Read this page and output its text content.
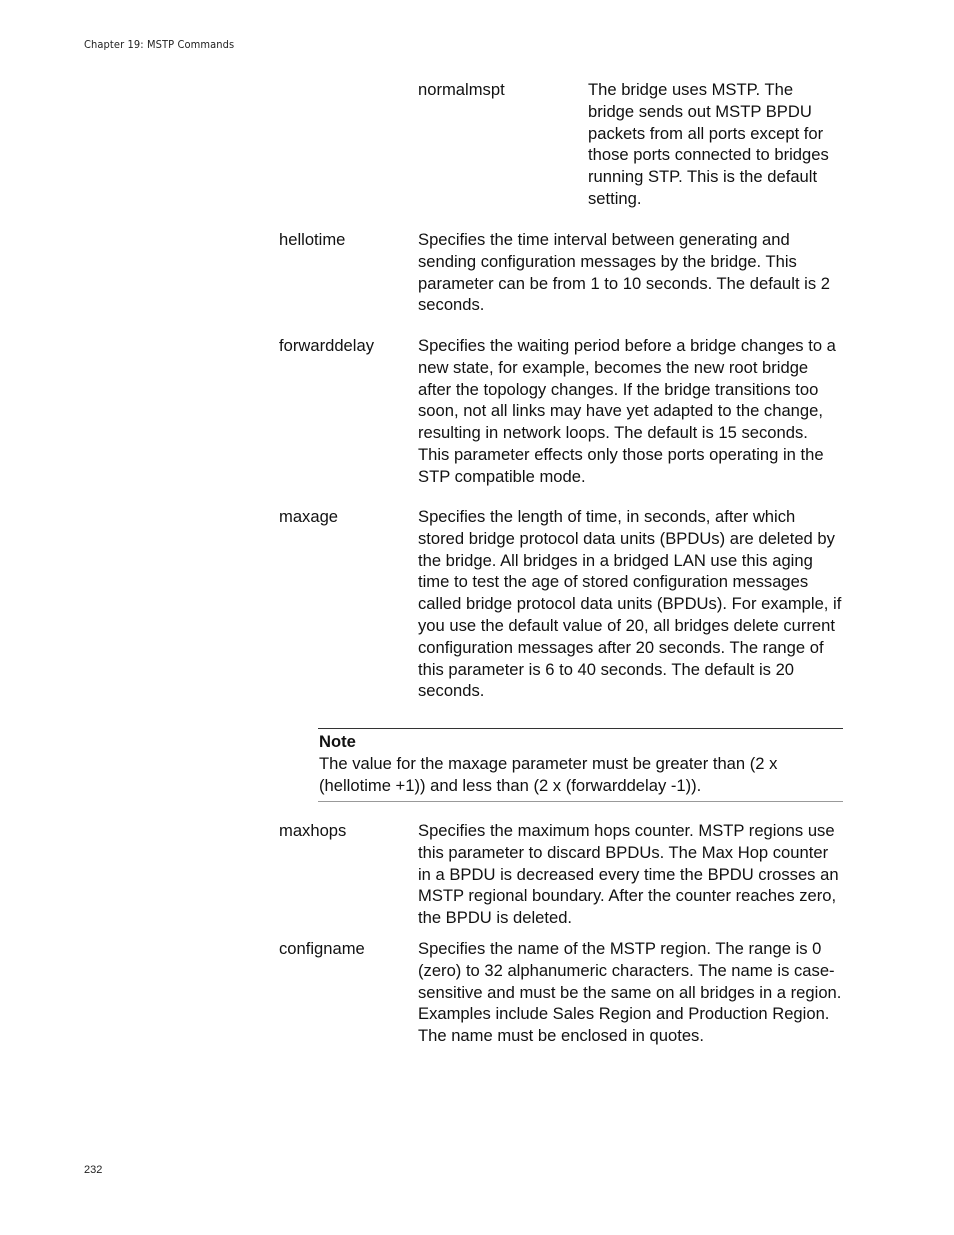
Chapter 19: MSTP Commands
normalmspt	The bridge uses MSTP. The bridge sends out MSTP BPDU packets from all ports except for those ports connected to bridges running STP. This is the default setting.
hellotime	Specifies the time interval between generating and sending configuration messages by the bridge. This parameter can be from 1 to 10 seconds. The default is 2 seconds.
forwarddelay	Specifies the waiting period before a bridge changes to a new state, for example, becomes the new root bridge after the topology changes. If the bridge transitions too soon, not all links may have yet adapted to the change, resulting in network loops. The default is 15 seconds. This parameter effects only those ports operating in the STP compatible mode.
maxage	Specifies the length of time, in seconds, after which stored bridge protocol data units (BPDUs) are deleted by the bridge. All bridges in a bridged LAN use this aging time to test the age of stored configuration messages called bridge protocol data units (BPDUs). For example, if you use the default value of 20, all bridges delete current configuration messages after 20 seconds. The range of this parameter is 6 to 40 seconds. The default is 20 seconds.
Note
The value for the maxage parameter must be greater than (2 x (hellotime +1)) and less than (2 x (forwarddelay -1)).
maxhops	Specifies the maximum hops counter. MSTP regions use this parameter to discard BPDUs. The Max Hop counter in a BPDU is decreased every time the BPDU crosses an MSTP regional boundary. After the counter reaches zero, the BPDU is deleted.
configname	Specifies the name of the MSTP region. The range is 0 (zero) to 32 alphanumeric characters. The name is case-sensitive and must be the same on all bridges in a region. Examples include Sales Region and Production Region. The name must be enclosed in quotes.
232
